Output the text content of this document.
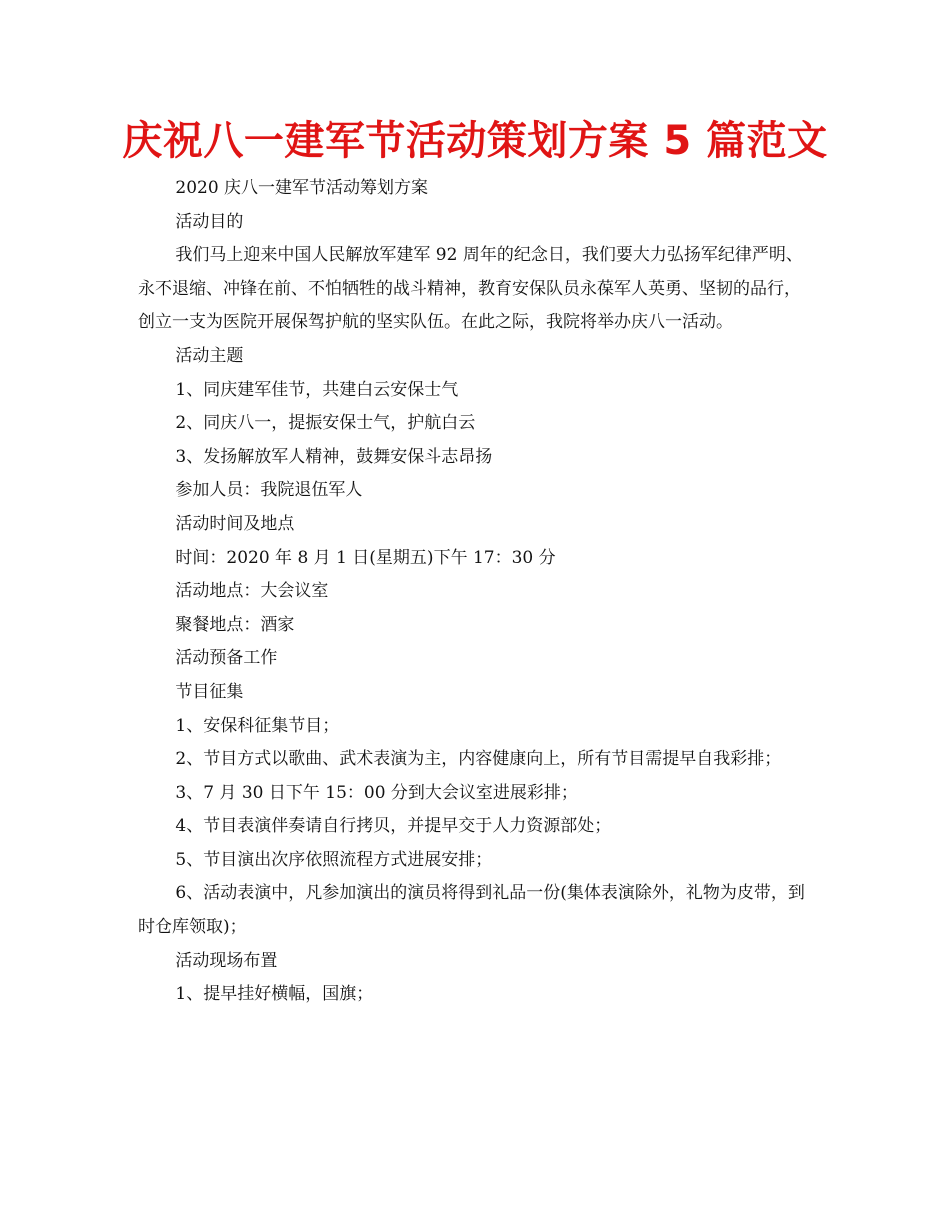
庆祝八一建军节活动策划方案 5 篇范文

2020 庆八一建军节活动筹划方案

活动目的

我们马上迎来中国人民解放军建军 92 周年的纪念日，我们要大力弘扬军纪律严明、永不退缩、冲锋在前、不怕牺牲的战斗精神，教育安保队员永葆军人英勇、坚韧的品行，创立一支为医院开展保驾护航的坚实队伍。在此之际，我院将举办庆八一活动。

活动主题

1、同庆建军佳节，共建白云安保士气

2、同庆八一，提振安保士气，护航白云

3、发扬解放军人精神，鼓舞安保斗志昂扬

参加人员：我院退伍军人

活动时间及地点

时间：2020 年 8 月 1 日(星期五)下午 17：30 分

活动地点：大会议室

聚餐地点：酒家

活动预备工作

节目征集

1、安保科征集节目；

2、节目方式以歌曲、武术表演为主，内容健康向上，所有节目需提早自我彩排；

3、7 月 30 日下午 15：00 分到大会议室进展彩排；

4、节目表演伴奏请自行拷贝，并提早交于人力资源部处；

5、节目演出次序依照流程方式进展安排；

6、活动表演中，凡参加演出的演员将得到礼品一份(集体表演除外，礼物为皮带，到时仓库领取)；

活动现场布置

1、提早挂好横幅，国旗；
